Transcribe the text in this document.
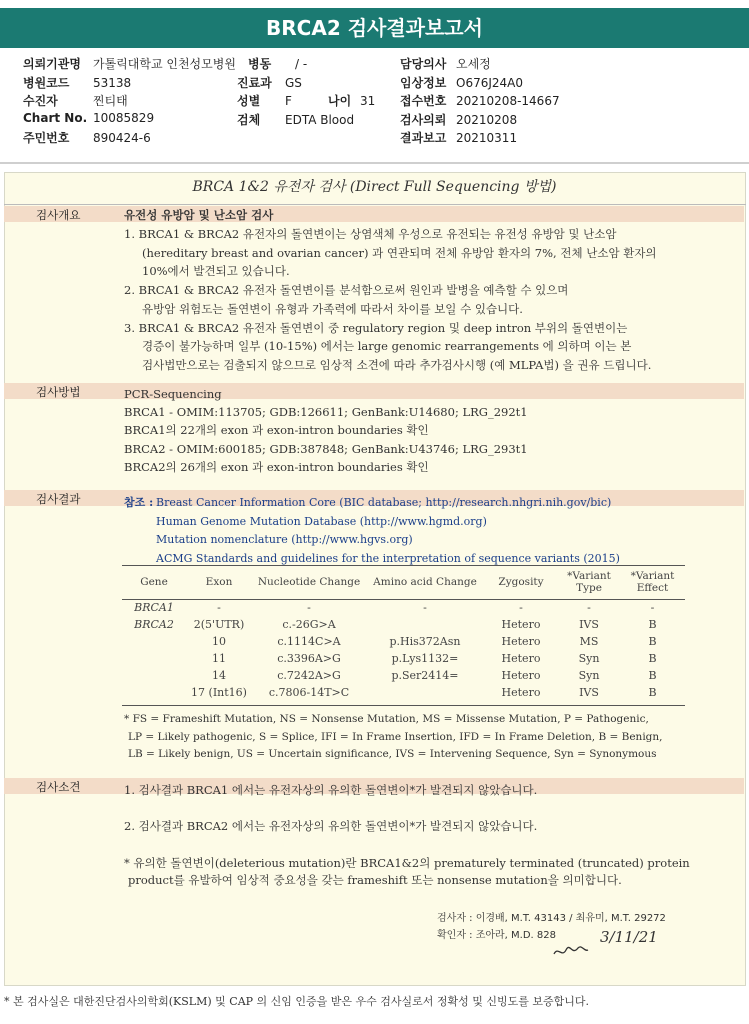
BRCA2 검사결과보고서
의뢰기관명 가톨릭대학교 인천성모병원
병원코드 53138
수진자	찐티태
Chart No. 10085829
주민번호 890424-6
병동 / -
진료과 GS
성별 F	나이 31
검체 EDTA Blood
담당의사 오세정
임상정보 O676J24A0
접수번호 20210208-14667
검사의뢰 20210208
결과보고 20210311
BRCA 1&2 유전자 검사 (Direct Full Sequencing 방법)
검사개요	유전성 유방암 및 난소암 검사
1. BRCA1 & BRCA2 유전자의 돌연변이는 상염색체 우성으로 유전되는 유전성 유방암 및 난소암
(hereditary breast and ovarian cancer) 과 연관되며 전체 유방암 환자의 7%, 전체 난소암 환자의
10%에서 발견되고 있습니다.
2. BRCA1 & BRCA2 유전자 돌연변이를 분석함으로써 원인과 발병을 예측할 수 있으며
유방암 위험도는 돌연변이 유형과 가족력에 따라서 차이를 보일 수 있습니다.
3. BRCA1 & BRCA2 유전자 돌연변이 중 regulatory region 및 deep intron 부위의 돌연변이는
경증이 불가능하며 일부 (10-15%) 에서는 large genomic rearrangements 에 의하며 이는 본
검사법만으로는 검출되지 않으므로 임상적 소견에 따라 추가검사시행 (예 MLPA법) 을 권유 드립니다.
검사방법	PCR-Sequencing
BRCA1 - OMIM:113705; GDB:126611; GenBank:U14680; LRG_292t1
BRCA1의 22개의 exon 과 exon-intron boundaries 확인
BRCA2 - OMIM:600185; GDB:387848; GenBank:U43746; LRG_293t1
BRCA2의 26개의 exon 과 exon-intron boundaries 확인
검사결과	참조 : Breast Cancer Information Core (BIC database; http://research.nhgri.nih.gov/bic)
Human Genome Mutation Database (http://www.hgmd.org)
Mutation nomenclature (http://www.hgvs.org)
ACMG Standards and guidelines for the interpretation of sequence variants (2015)
Gene	Exon	Nucleotide Change	Amino acid Change	Zygosity	*Variant Type	*Variant Effect
BRCA1	-	-	-	-	-	-
BRCA2	2(5'UTR)	c.-26G>A		Hetero	IVS	B
	10	c.1114C>A	p.His372Asn	Hetero	MS	B
	11	c.3396A>G	p.Lys1132=	Hetero	Syn	B
	14	c.7242A>G	p.Ser2414=	Hetero	Syn	B
	17 (Int16)	c.7806-14T>C		Hetero	IVS	B
* FS = Frameshift Mutation, NS = Nonsense Mutation, MS = Missense Mutation, P = Pathogenic,
LP = Likely pathogenic, S = Splice, IFI = In Frame Insertion, IFD = In Frame Deletion, B = Benign,
LB = Likely benign, US = Uncertain significance, IVS = Intervening Sequence, Syn = Synonymous
검사소견	1. 검사결과 BRCA1 에서는 유전자상의 유의한 돌연변이*가 발견되지 않았습니다.
2. 검사결과 BRCA2 에서는 유전자상의 유의한 돌연변이*가 발견되지 않았습니다.
* 유의한 돌연변이(deleterious mutation)란 BRCA1&2의 prematurely terminated (truncated) protein
product를 유발하여 임상적 중요성을 갖는 frameshift 또는 nonsense mutation을 의미합니다.
검사자 : 이경배, M.T. 43143 / 최유미, M.T. 29272
확인자 : 조아라, M.D. 828	3/11/21
* 본 검사실은 대한진단검사의학회(KSLM) 및 CAP 의 신임 인증을 받은 우수 검사실로서 정확성 및 신빙도를 보증합니다.
